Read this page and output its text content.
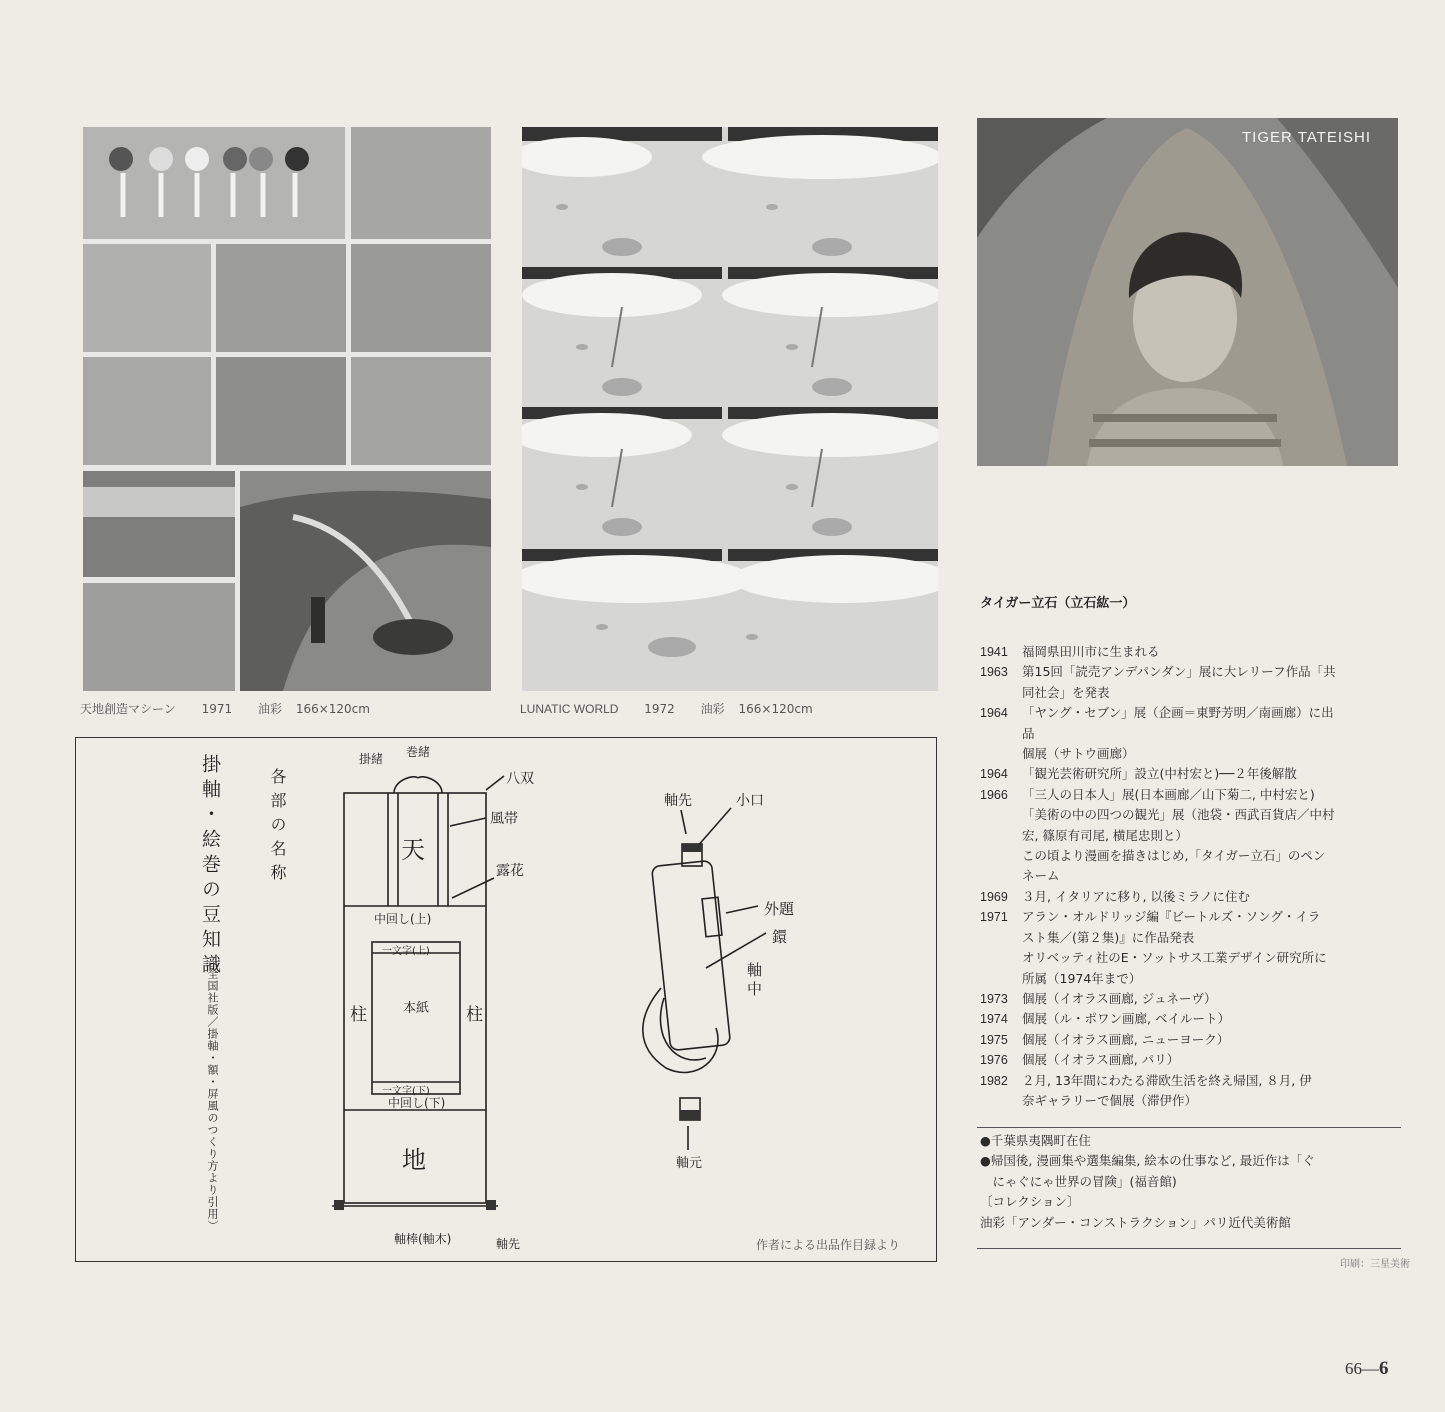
天地創造マシーン 1971 油彩 166×120cm	LUNATIC WORLD 1972 油彩 166×120cm
TIGER TATEISHI
タイガー立石（立石紘一）
1941	福岡県田川市に生まれる
1963	第15回「読売アンデパンダン」展に大レリーフ作品「共
同社会」を発表
1964	「ヤング・セブン」展（企画＝東野芳明／南画廊）に出
品
個展（サトウ画廊）
1964	「観光芸術研究所」設立(中村宏と)──２年後解散
1966	「三人の日本人」展(日本画廊／山下菊二, 中村宏と)
「美術の中の四つの観光」展（池袋・西武百貨店／中村
宏, 篠原有司尾, 横尾忠則と）
この頃より漫画を描きはじめ,「タイガー立石」のペン
ネーム
1969	３月, イタリアに移り, 以後ミラノに住む
1971	アラン・オルドリッジ編『ビートルズ・ソング・イラ
スト集／(第２集)』に作品発表
オリベッティ社のE・ソットサス工業デザイン研究所に
所属（1974年まで）
1973	個展（イオラス画廊, ジュネーヴ）
1974	個展（ル・ポワン画廊, ベイルート）
1975	個展（イオラス画廊, ニューヨーク）
1976	個展（イオラス画廊, パリ）
1982	２月, 13年間にわたる滞欧生活を終え帰国, ８月, 伊
奈ギャラリーで個展（滞伊作）
●千葉県夷隅町在住
●帰国後, 漫画集や選集編集, 絵本の仕事など, 最近作は「ぐ
　にゃぐにゃ世界の冒険」(福音館)
〔コレクション〕
油彩「アンダー・コンストラクション」パリ近代美術館
印刷：三星美術
66—6
掛軸・絵巻の豆知識
（全国社版／掛軸・額・屏風のつくり方より引用）
各部の名称
掛緒 巻緒
八双
風帯
露花
天
中回し(上)
一文字(上)
柱	柱
本紙
一文字(下)
中回し(下)
地
軸棒(軸木)	軸先
軸先	小口
外題
鐶
軸中
軸元
作者による出品作目録より
